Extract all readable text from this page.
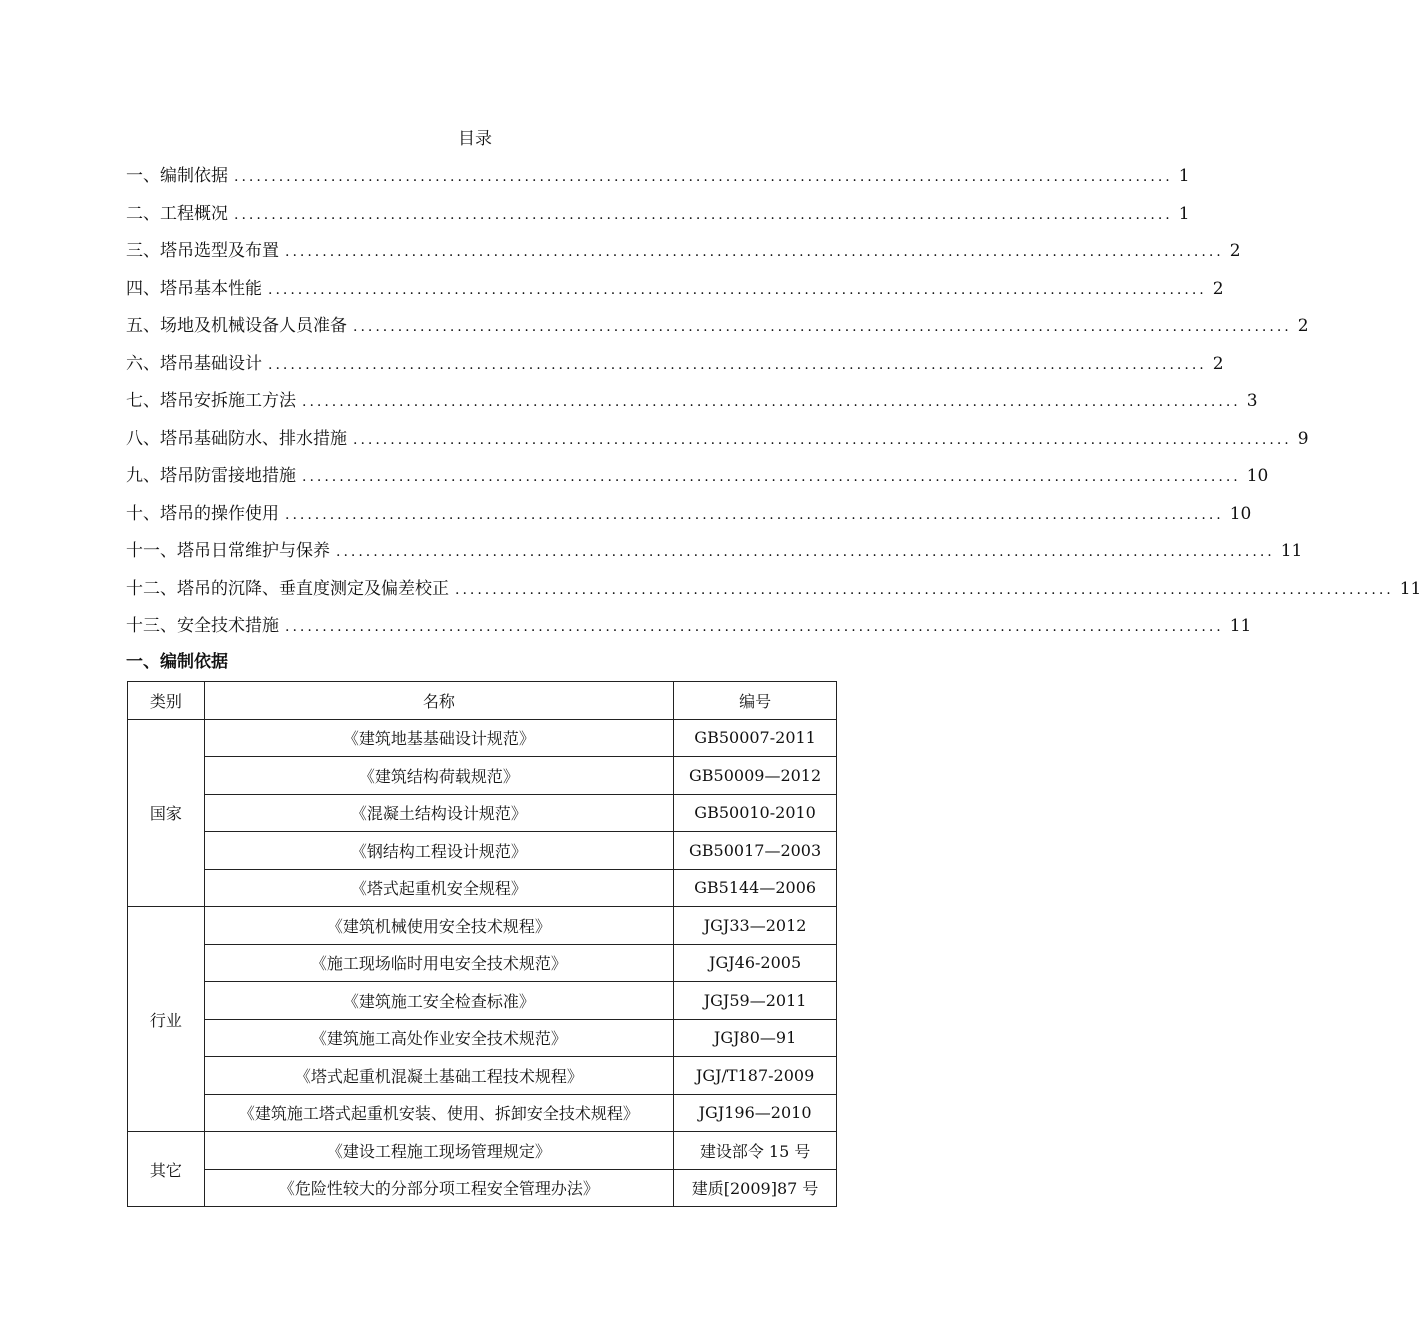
目录
一、编制依据 .............................................................................................................................. 1
二、工程概况 .............................................................................................................................. 1
三、塔吊选型及布置 .............................................................................................................................. 2
四、塔吊基本性能 .............................................................................................................................. 2
五、场地及机械设备人员准备 .............................................................................................................................. 2
六、塔吊基础设计 .............................................................................................................................. 2
七、塔吊安拆施工方法 .............................................................................................................................. 3
八、塔吊基础防水、排水措施 .............................................................................................................................. 9
九、塔吊防雷接地措施 .............................................................................................................................. 10
十、塔吊的操作使用 .............................................................................................................................. 10
十一、塔吊日常维护与保养 .............................................................................................................................. 11
十二、塔吊的沉降、垂直度测定及偏差校正 .............................................................................................................................. 11
十三、安全技术措施 .............................................................................................................................. 11
一、编制依据
类别	名称	编号
国家	《建筑地基基础设计规范》	GB50007-2011
	《建筑结构荷载规范》	GB50009—2012
	《混凝土结构设计规范》	GB50010-2010
	《钢结构工程设计规范》	GB50017—2003
	《塔式起重机安全规程》	GB5144—2006
行业	《建筑机械使用安全技术规程》	JGJ33—2012
	《施工现场临时用电安全技术规范》	JGJ46-2005
	《建筑施工安全检查标准》	JGJ59—2011
	《建筑施工高处作业安全技术规范》	JGJ80—91
	《塔式起重机混凝土基础工程技术规程》	JGJ/T187-2009
	《建筑施工塔式起重机安装、使用、拆卸安全技术规程》	JGJ196—2010
其它	《建设工程施工现场管理规定》	建设部令 15 号
	《危险性较大的分部分项工程安全管理办法》	建质[2009]87 号
